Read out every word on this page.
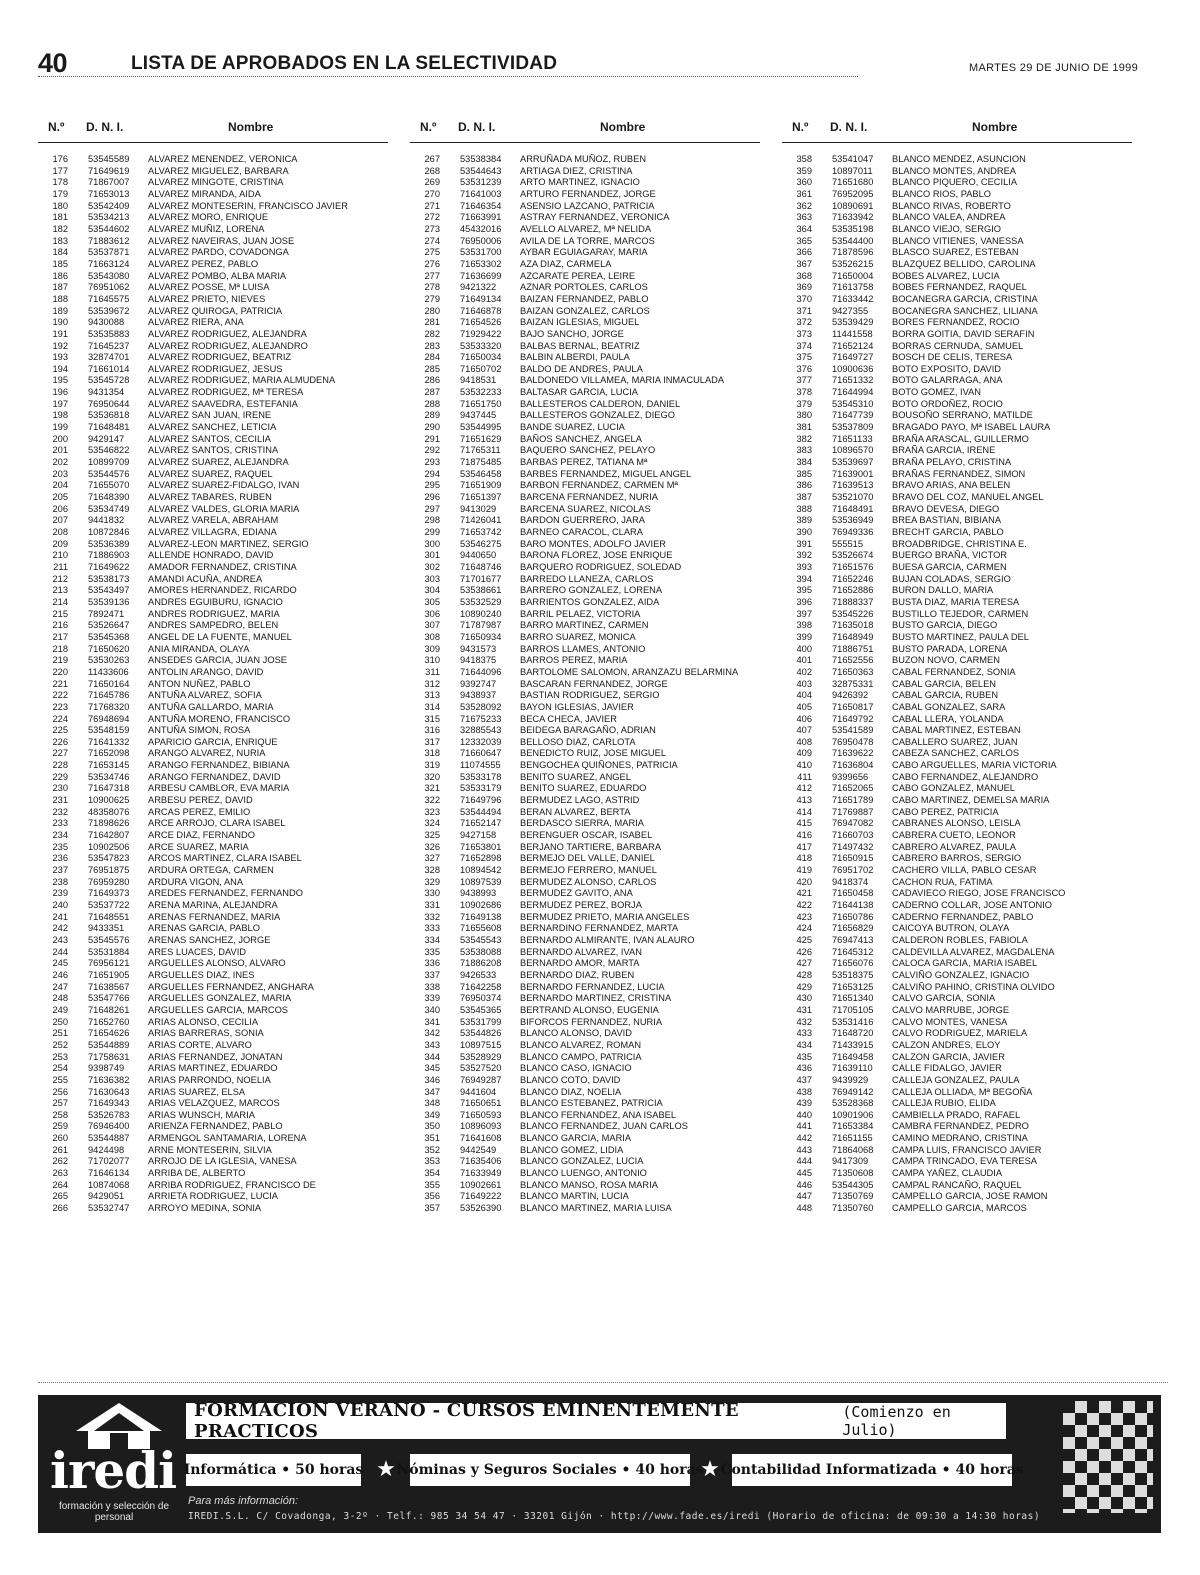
40	LISTA DE APROBADOS EN LA SELECTIVIDAD	MARTES 29 DE JUNIO DE 1999
N.º D. N. I.	Nombre
176 53545589	ALVAREZ MENENDEZ, VERONICA
177 71649619	ALVAREZ MIGUELEZ, BARBARA
178 71867007	ALVAREZ MINGOTE, CRISTINA
179 71653013	ALVAREZ MIRANDA, AIDA
180 53542409	ALVAREZ MONTESERIN, FRANCISCO JAVIER
181 53534213	ALVAREZ MORO, ENRIQUE
182 53544602	ALVAREZ MUÑIZ, LORENA
183 71883612	ALVAREZ NAVEIRAS, JUAN JOSE
184 53537871	ALVAREZ PARDO, COVADONGA
185 71663124	ALVAREZ PEREZ, PABLO
186 53543080	ALVAREZ POMBO, ALBA MARIA
187 76951062	ALVAREZ POSSE, Mª LUISA
188 71645575	ALVAREZ PRIETO, NIEVES
189 53539672	ALVAREZ QUIROGA, PATRICIA
190 9430088	ALVAREZ RIERA, ANA
191 53535883	ALVAREZ RODRIGUEZ, ALEJANDRA
192 71645237	ALVAREZ RODRIGUEZ, ALEJANDRO
193 32874701	ALVAREZ RODRIGUEZ, BEATRIZ
194 71661014	ALVAREZ RODRIGUEZ, JESUS
195 53545728	ALVAREZ RODRIGUEZ, MARIA ALMUDENA
196 9431354	ALVAREZ RODRIGUEZ, Mª TERESA
197 76950644	ALVAREZ SAAVEDRA, ESTEFANIA
198 53536818	ALVAREZ SAN JUAN, IRENE
199 71648481	ALVAREZ SANCHEZ, LETICIA
200 9429147	ALVAREZ SANTOS, CECILIA
201 53546822	ALVAREZ SANTOS, CRISTINA
202 10899709	ALVAREZ SUAREZ, ALEJANDRA
203 53544576	ALVAREZ SUAREZ, RAQUEL
204 71655070	ALVAREZ SUAREZ-FIDALGO, IVAN
205 71648390	ALVAREZ TABARES, RUBEN
206 53534749	ALVAREZ VALDES, GLORIA MARIA
207 9441832	ALVAREZ VARELA, ABRAHAM
208 10872846	ALVAREZ VILLAGRA, EDIANA
209 53536389	ALVAREZ-LEON MARTINEZ, SERGIO
210 71886903	ALLENDE HONRADO, DAVID
211 71649622	AMADOR FERNANDEZ, CRISTINA
212 53538173	AMANDI ACUÑA, ANDREA
213 53543497	AMORES HERNANDEZ, RICARDO
214 53539136	ANDRES EGUIBURU, IGNACIO
215 7892471	ANDRES RODRIGUEZ, MARIA
216 53526647	ANDRES SAMPEDRO, BELEN
217 53545368	ANGEL DE LA FUENTE, MANUEL
218 71650620	ANIA MIRANDA, OLAYA
219 53530263	ANSEDES GARCIA, JUAN JOSE
220 11433606	ANTOLIN ARANGO, DAVID
221 71650164	ANTON NUÑEZ, PABLO
222 71645786	ANTUÑA ALVAREZ, SOFIA
223 71768320	ANTUÑA GALLARDO, MARIA
224 76948694	ANTUÑA MORENO, FRANCISCO
225 53548159	ANTUÑA SIMON, ROSA
226 71641332	APARICIO GARCIA, ENRIQUE
227 71652098	ARANGO ALVAREZ, NURIA
228 71653145	ARANGO FERNANDEZ, BIBIANA
229 53534746	ARANGO FERNANDEZ, DAVID
230 71647318	ARBESU CAMBLOR, EVA MARIA
231 10900625	ARBESU PEREZ, DAVID
232 48358076	ARCAS PEREZ, EMILIO
233 71898626	ARCE ARROJO, CLARA ISABEL
234 71642807	ARCE DIAZ, FERNANDO
235 10902506	ARCE SUAREZ, MARIA
236 53547823	ARCOS MARTINEZ, CLARA ISABEL
237 76951875	ARDURA ORTEGA, CARMEN
238 76959280	ARDURA VIGON, ANA
239 71649373	AREDES FERNANDEZ, FERNANDO
240 53537722	ARENA MARINA, ALEJANDRA
241 71648551	ARENAS FERNANDEZ, MARIA
242 9433351	ARENAS GARCIA, PABLO
243 53545576	ARENAS SANCHEZ, JORGE
244 53531884	ARES LUACES, DAVID
245 76956121	ARGUELLES ALONSO, ALVARO
246 71651905	ARGUELLES DIAZ, INES
247 71638567	ARGUELLES FERNANDEZ, ANGHARA
248 53547766	ARGUELLES GONZALEZ, MARIA
249 71648261	ARGUELLES GARCIA, MARCOS
250 71652760	ARIAS ALONSO, CECILIA
251 71654626	ARIAS BARRERAS, SONIA
252 53544889	ARIAS CORTE, ALVARO
253 71758631	ARIAS FERNANDEZ, JONATAN
254 9398749	ARIAS MARTINEZ, EDUARDO
255 71636382	ARIAS PARRONDO, NOELIA
256 71630643	ARIAS SUAREZ, ELSA
257 71649343	ARIAS VELAZQUEZ, MARCOS
258 53526783	ARIAS WUNSCH, MARIA
259 76946400	ARIENZA FERNANDEZ, PABLO
260 53544887	ARMENGOL SANTAMARIA, LORENA
261 9424498	ARNE MONTESERIN, SILVIA
262 71702077	ARROJO DE LA IGLESIA, VANESA
263 71646134	ARRIBA DE, ALBERTO
264 10874068	ARRIBA RODRIGUEZ, FRANCISCO DE
265 9429051	ARRIETA RODRIGUEZ, LUCIA
266 53532747	ARROYO MEDINA, SONIA
N.º D. N. I.	Nombre
267 53538384	ARRUÑADA MUÑOZ, RUBEN
268 53544643	ARTIAGA DIEZ, CRISTINA
269 53531239	ARTO MARTINEZ, IGNACIO
270 71641003	ARTURO FERNANDEZ, JORGE
271 71646354	ASENSIO LAZCANO, PATRICIA
272 71663991	ASTRAY FERNANDEZ, VERONICA
273 45432016	AVELLO ALVAREZ, Mª NELIDA
274 76950006	AVILA DE LA TORRE, MARCOS
275 53531700	AYBAR EGUIAGARAY, MARIA
276 71653302	AZA DIAZ, CARMELA
277 71636699	AZCARATE PEREA, LEIRE
278 9421322	AZNAR PORTOLES, CARLOS
279 71649134	BAIZAN FERNANDEZ, PABLO
280 71646878	BAIZAN GONZALEZ, CARLOS
281 71654526	BAIZAN IGLESIAS, MIGUEL
282 71929422	BAJO SANCHO, JORGE
283 53533320	BALBAS BERNAL, BEATRIZ
284 71650034	BALBIN ALBERDI, PAULA
285 71650702	BALDO DE ANDRES, PAULA
286 9418531	BALDONEDO VILLAMEA, MARIA INMACULADA
287 53532233	BALTASAR GARCIA, LUCIA
288 71651750	BALLESTEROS CALDERON, DANIEL
289 9437445	BALLESTEROS GONZALEZ, DIEGO
290 53544995	BANDE SUAREZ, LUCIA
291 71651629	BAÑOS SANCHEZ, ANGELA
292 71765311	BAQUERO SANCHEZ, PELAYO
293 71875485	BARBAS PEREZ, TATIANA Mª
294 53546458	BARBES FERNANDEZ, MIGUEL ANGEL
295 71651909	BARBON FERNANDEZ, CARMEN Mª
296 71651397	BARCENA FERNANDEZ, NURIA
297 9413029	BARCENA SUAREZ, NICOLAS
298 71426041	BARDON GUERRERO, JARA
299 71653742	BARNEO CARACOL, CLARA
300 53546275	BARO MONTES, ADOLFO JAVIER
301 9440650	BARONA FLOREZ, JOSE ENRIQUE
302 71648746	BARQUERO RODRIGUEZ, SOLEDAD
303 71701677	BARREDO LLANEZA, CARLOS
304 53538661	BARRERO GONZALEZ, LORENA
305 53532529	BARRIENTOS GONZALEZ, AIDA
306 10890240	BARRIL PELAEZ, VICTORIA
307 71787987	BARRO MARTINEZ, CARMEN
308 71650934	BARRO SUAREZ, MONICA
309 9431573	BARROS LLAMES, ANTONIO
310 9418375	BARROS PEREZ, MARIA
311 71644096	BARTOLOME SALOMON, ARANZAZU BELARMINA
312 9392747	BASCARAN FERNANDEZ, JORGE
313 9438937	BASTIAN RODRIGUEZ, SERGIO
314 53528092	BAYON IGLESIAS, JAVIER
315 71675233	BECA CHECA, JAVIER
316 32885543	BEIDEGA BARAGAÑO, ADRIAN
317 12332039	BELLOSO DIAZ, CARLOTA
318 71660647	BENEDICTO RUIZ, JOSE MIGUEL
319 11074555	BENGOCHEA QUIÑONES, PATRICIA
320 53533178	BENITO SUAREZ, ANGEL
321 53533179	BENITO SUAREZ, EDUARDO
322 71649796	BERMUDEZ LAGO, ASTRID
323 53544494	BERAN ALVAREZ, BERTA
324 71652147	BERDASCO SIERRA, MARIA
325 9427158	BERENGUER OSCAR, ISABEL
326 71653801	BERJANO TARTIERE, BARBARA
327 71652898	BERMEJO DEL VALLE, DANIEL
328 10894542	BERMEJO FERRERO, MANUEL
329 10897539	BERMUDEZ ALONSO, CARLOS
330 9438993	BERMUDEZ GAVITO, ANA
331 10902686	BERMUDEZ PEREZ, BORJA
332 71649138	BERMUDEZ PRIETO, MARIA ANGELES
333 71655608	BERNARDINO FERNANDEZ, MARTA
334 53545543	BERNARDO ALMIRANTE, IVAN ALAURO
335 53538088	BERNARDO ALVAREZ, IVAN
336 71886208	BERNARDO AMOR, MARTA
337 9426533	BERNARDO DIAZ, RUBEN
338 71642258	BERNARDO FERNANDEZ, LUCIA
339 76950374	BERNARDO MARTINEZ, CRISTINA
340 53545365	BERTRAND ALONSO, EUGENIA
341 53531799	BIFORCOS FERNANDEZ, NURIA
342 53544826	BLANCO ALONSO, DAVID
343 10897515	BLANCO ALVAREZ, ROMAN
344 53528929	BLANCO CAMPO, PATRICIA
345 53527520	BLANCO CASO, IGNACIO
346 76949287	BLANCO COTO, DAVID
347 9441604	BLANCO DIAZ, NOELIA
348 71650651	BLANCO ESTEBANEZ, PATRICIA
349 71650593	BLANCO FERNANDEZ, ANA ISABEL
350 10896093	BLANCO FERNANDEZ, JUAN CARLOS
351 71641608	BLANCO GARCIA, MARIA
352 9442549	BLANCO GOMEZ, LIDIA
353 71635406	BLANCO GONZALEZ, LUCIA
354 71633949	BLANCO LUENGO, ANTONIO
355 10902661	BLANCO MANSO, ROSA MARIA
356 71649222	BLANCO MARTIN, LUCIA
357 53526390	BLANCO MARTINEZ, MARIA LUISA
N.º D. N. I.	Nombre
358 53541047	BLANCO MENDEZ, ASUNCION
359 10897011	BLANCO MONTES, ANDREA
360 71651680	BLANCO PIQUERO, CECILIA
361 76952095	BLANCO RIOS, PABLO
362 10890691	BLANCO RIVAS, ROBERTO
363 71633942	BLANCO VALEA, ANDREA
364 53535198	BLANCO VIEJO, SERGIO
365 53544400	BLANCO VITIENES, VANESSA
366 71878596	BLASCO SUAREZ, ESTEBAN
367 53526215	BLAZQUEZ BELLIDO, CAROLINA
368 71650004	BOBES ALVAREZ, LUCIA
369 71613758	BOBES FERNANDEZ, RAQUEL
370 71633442	BOCANEGRA GARCIA, CRISTINA
371 9427355	BOCANEGRA SANCHEZ, LILIANA
372 53539429	BORES FERNANDEZ, ROCIO
373 11441558	BORRA GOITIA, DAVID SERAFIN
374 71652124	BORRAS CERNUDA, SAMUEL
375 71649727	BOSCH DE CELIS, TERESA
376 10900636	BOTO EXPOSITO, DAVID
377 71651332	BOTO GALARRAGA, ANA
378 71644994	BOTO GOMEZ, IVAN
379 53545310	BOTO ORDOÑEZ, ROCIO
380 71647739	BOUSOÑO SERRANO, MATILDE
381 53537809	BRAGADO PAYO, Mª ISABEL LAURA
382 71651133	BRAÑA ARASCAL, GUILLERMO
383 10896570	BRAÑA GARCIA, IRENE
384 53539697	BRAÑA PELAYO, CRISTINA
385 71639001	BRAÑAS FERNANDEZ, SIMON
386 71639513	BRAVO ARIAS, ANA BELEN
387 53521070	BRAVO DEL COZ, MANUEL ANGEL
388 71648491	BRAVO DEVESA, DIEGO
389 53536949	BREA BASTIAN, BIBIANA
390 76949336	BRECHT GARCIA, PABLO
391 555515	BROADBRIDGE, CHRISTINA E.
392 53526674	BUERGO BRAÑA, VICTOR
393 71651576	BUESA GARCIA, CARMEN
394 71652246	BUJAN COLADAS, SERGIO
395 71652886	BURON DALLO, MARIA
396 71888337	BUSTA DIAZ, MARIA TERESA
397 53545226	BUSTILLO TEJEDOR, CARMEN
398 71635018	BUSTO GARCIA, DIEGO
399 71648949	BUSTO MARTINEZ, PAULA DEL
400 71886751	BUSTO PARADA, LORENA
401 71652556	BUZON NOVO, CARMEN
402 71650363	CABAL FERNANDEZ, SONIA
403 32875331	CABAL GARCIA, BELEN
404 9426392	CABAL GARCIA, RUBEN
405 71650817	CABAL GONZALEZ, SARA
406 71649792	CABAL LLERA, YOLANDA
407 53541589	CABAL MARTINEZ, ESTEBAN
408 76950478	CABALLERO SUAREZ, JUAN
409 71639622	CABEZA SANCHEZ, CARLOS
410 71636804	CABO ARGUELLES, MARIA VICTORIA
411 9399656	CABO FERNANDEZ, ALEJANDRO
412 71652065	CABO GONZALEZ, MANUEL
413 71651789	CABO MARTINEZ, DEMELSA MARIA
414 71769887	CABO PEREZ, PATRICIA
415 76947082	CABRANES ALONSO, LEISLA
416 71660703	CABRERA CUETO, LEONOR
417 71497432	CABRERO ALVAREZ, PAULA
418 71650915	CABRERO BARROS, SERGIO
419 76951702	CACHERO VILLA, PABLO CESAR
420 9418374	CACHON RUA, FATIMA
421 71650458	CADAVIECO RIEGO, JOSE FRANCISCO
422 71644138	CADERNO COLLAR, JOSE ANTONIO
423 71650786	CADERNO FERNANDEZ, PABLO
424 71656829	CAICOYA BUTRON, OLAYA
425 76947413	CALDERON ROBLES, FABIOLA
426 71645312	CALDEVILLA ALVAREZ, MAGDALENA
427 71656076	CALOCA GARCIA, MARIA ISABEL
428 53518375	CALVIÑO GONZALEZ, IGNACIO
429 71653125	CALVIÑO PAHINO, CRISTINA OLVIDO
430 71651340	CALVO GARCIA, SONIA
431 71705105	CALVO MARRUBE, JORGE
432 53531416	CALVO MONTES, VANESA
433 71648720	CALVO RODRIGUEZ, MARIELA
434 71433915	CALZON ANDRES, ELOY
435 71649458	CALZON GARCIA, JAVIER
436 71639110	CALLE FIDALGO, JAVIER
437 9439929	CALLEJA GONZALEZ, PAULA
438 76949142	CALLEJA OLLIADA, Mª BEGOÑA
439 53528368	CALLEJA RUBIO, ELIDA
440 10901906	CAMBIELLA PRADO, RAFAEL
441 71653384	CAMBRA FERNANDEZ, PEDRO
442 71651155	CAMINO MEDRANO, CRISTINA
443 71864068	CAMPA LUIS, FRANCISCO JAVIER
444 9417309	CAMPA TRINCADO, EVA TERESA
445 71350608	CAMPA YAÑEZ, CLAUDIA
446 53544305	CAMPAL RANCAÑO, RAQUEL
447 71350769	CAMPELLO GARCIA, JOSE RAMON
448 71350760	CAMPELLO GARCIA, MARCOS
iredi
formación y selección de personal
FORMACION VERANO - CURSOS EMINENTEMENTE PRACTICOS
(Comienzo en Julio)
Informática • 50 horas ★ Nóminas y Seguros Sociales • 40 horas
★ Contabilidad Informatizada • 40 horas
Para más información:
IREDI.S.L. C/ Covadonga, 3-2º · Telf.: 985 34 54 47 · 33201 Gijón · http://www.fade.es/iredi (Horario de oficina: de 09:30 a 14:30 horas)
